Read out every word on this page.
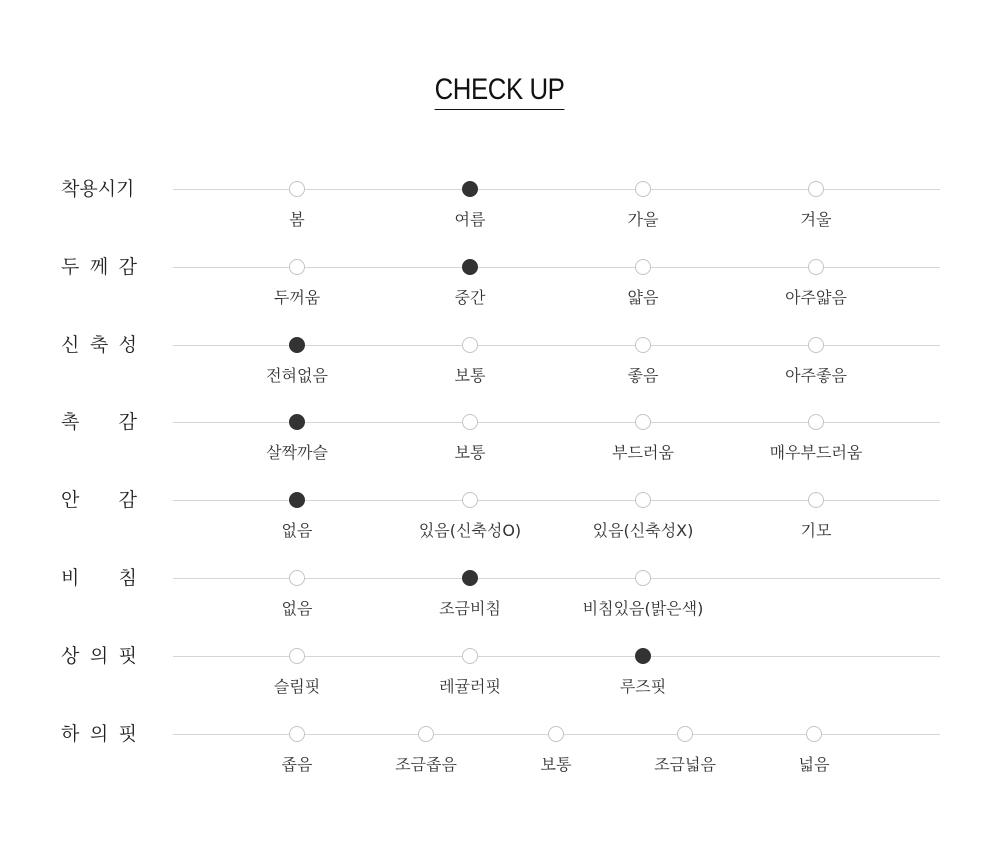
CHECK UP
착용시기
봄	여름	가을	겨울
두 께 감
두꺼움	중간	얇음	아주얇음
신 축 성
전혀없음	보통	좋음	아주좋음
촉 감
살짝까슬	보통	부드러움	매우부드러움
안 감
없음	있음(신축성O)	있음(신축성X)	기모
비 침
없음	조금비침	비침있음(밝은색)
상 의 핏
슬림핏	레귤러핏	루즈핏
하 의 핏
좁음	조금좁음	보통	조금넓음	넓음
